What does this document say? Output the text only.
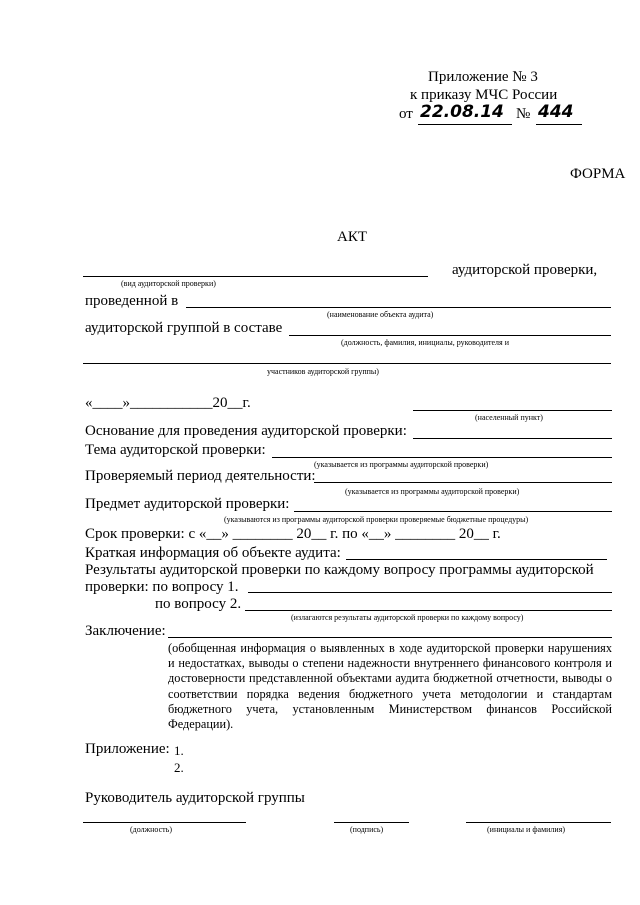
Приложение № 3
к приказу МЧС России
от 22.08.14 № 444
ФОРМА
АКТ
аудиторской проверки,
(вид аудиторской проверки)
проведенной в
(наименование объекта аудита)
аудиторской группой в составе
(должность, фамилия, инициалы, руководителя и
участников аудиторской группы)
«____»___________20__г.
(населенный пункт)
Основание для проведения аудиторской проверки:
Тема аудиторской проверки:
(указывается из программы аудиторской проверки)
Проверяемый период деятельности:
(указывается из программы аудиторской проверки)
Предмет аудиторской проверки:
(указываются из программы аудиторской проверки проверяемые бюджетные процедуры)
Срок проверки: с «__» ________ 20__ г. по «__» ________ 20__ г.
Краткая информация об объекте аудита:
Результаты аудиторской проверки по каждому вопросу программы аудиторской
проверки: по вопросу 1.
по вопросу 2.
(излагаются результаты аудиторской проверки по каждому вопросу)
Заключение:
(обобщенная информация о выявленных в ходе аудиторской проверки нарушениях и недостатках, выводы о степени надежности внутреннего финансового контроля и достоверности представленной объектами аудита бюджетной отчетности, выводы о соответствии порядка ведения бюджетного учета методологии и стандартам бюджетного учета, установленным Министерством финансов Российской Федерации).
Приложение: 1.
2.
Руководитель аудиторской группы
(должность)	(подпись)	(инициалы и фамилия)
